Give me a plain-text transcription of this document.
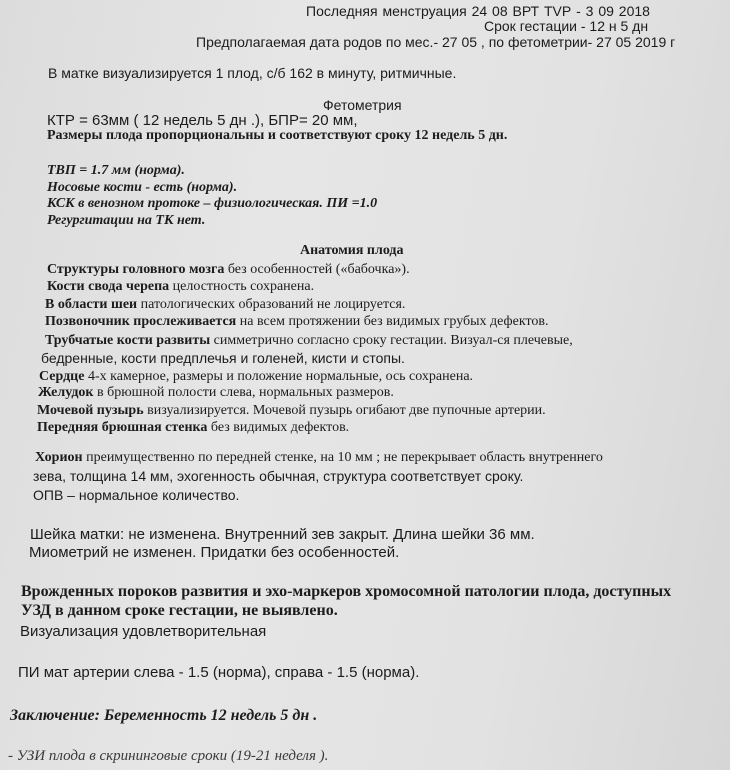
Последняя менструация 24 08 ВРТ ТVР - 3 09 2018
Срок гестации - 12 н 5 дн
Предполагаемая дата родов по мес.- 27 05 , по фетометрии- 27 05 2019 г
В матке визуализируется 1 плод, с/б 162 в минуту, ритмичные.
Фетометрия
КТР = 63мм ( 12 недель 5 дн .), БПР= 20 мм,
Размеры плода пропорциональны и соответствуют сроку 12 недель 5 дн.
ТВП = 1.7 мм (норма).
Носовые кости - есть (норма).
КСК в венозном протоке – физиологическая. ПИ =1.0
Регургитации на ТК нет.
Анатомия плода
Структуры головного мозга без особенностей («бабочка»).
Кости свода черепа целостность сохранена.
В области шеи патологических образований не лоцируется.
Позвоночник прослеживается на всем протяжении без видимых грубых дефектов.
Трубчатые кости развиты симметрично согласно сроку гестации. Визуал-ся плечевые,
бедренные, кости предплечья и голеней, кисти и стопы.
Сердце 4-х камерное, размеры и положение нормальные, ось сохранена.
Желудок в брюшной полости слева, нормальных размеров.
Мочевой пузырь визуализируется. Мочевой пузырь огибают две пупочные артерии.
Передняя брюшная стенка без видимых дефектов.
Хорион преимущественно по передней стенке, на 10 мм ; не перекрывает область внутреннего
зева, толщина 14 мм, эхогенность обычная, структура соответствует сроку.
ОПВ – нормальное количество.
Шейка матки: не изменена. Внутренний зев закрыт. Длина шейки 36 мм.
Миометрий не изменен. Придатки без особенностей.
Врожденных пороков развития и эхо-маркеров хромосомной патологии плода, доступных
УЗД в данном сроке гестации, не выявлено.
Визуализация удовлетворительная
ПИ мат артерии слева - 1.5 (норма), справа - 1.5 (норма).
Заключение: Беременность 12 недель 5 дн .
- УЗИ плода в скрининговые сроки (19-21 неделя ).
